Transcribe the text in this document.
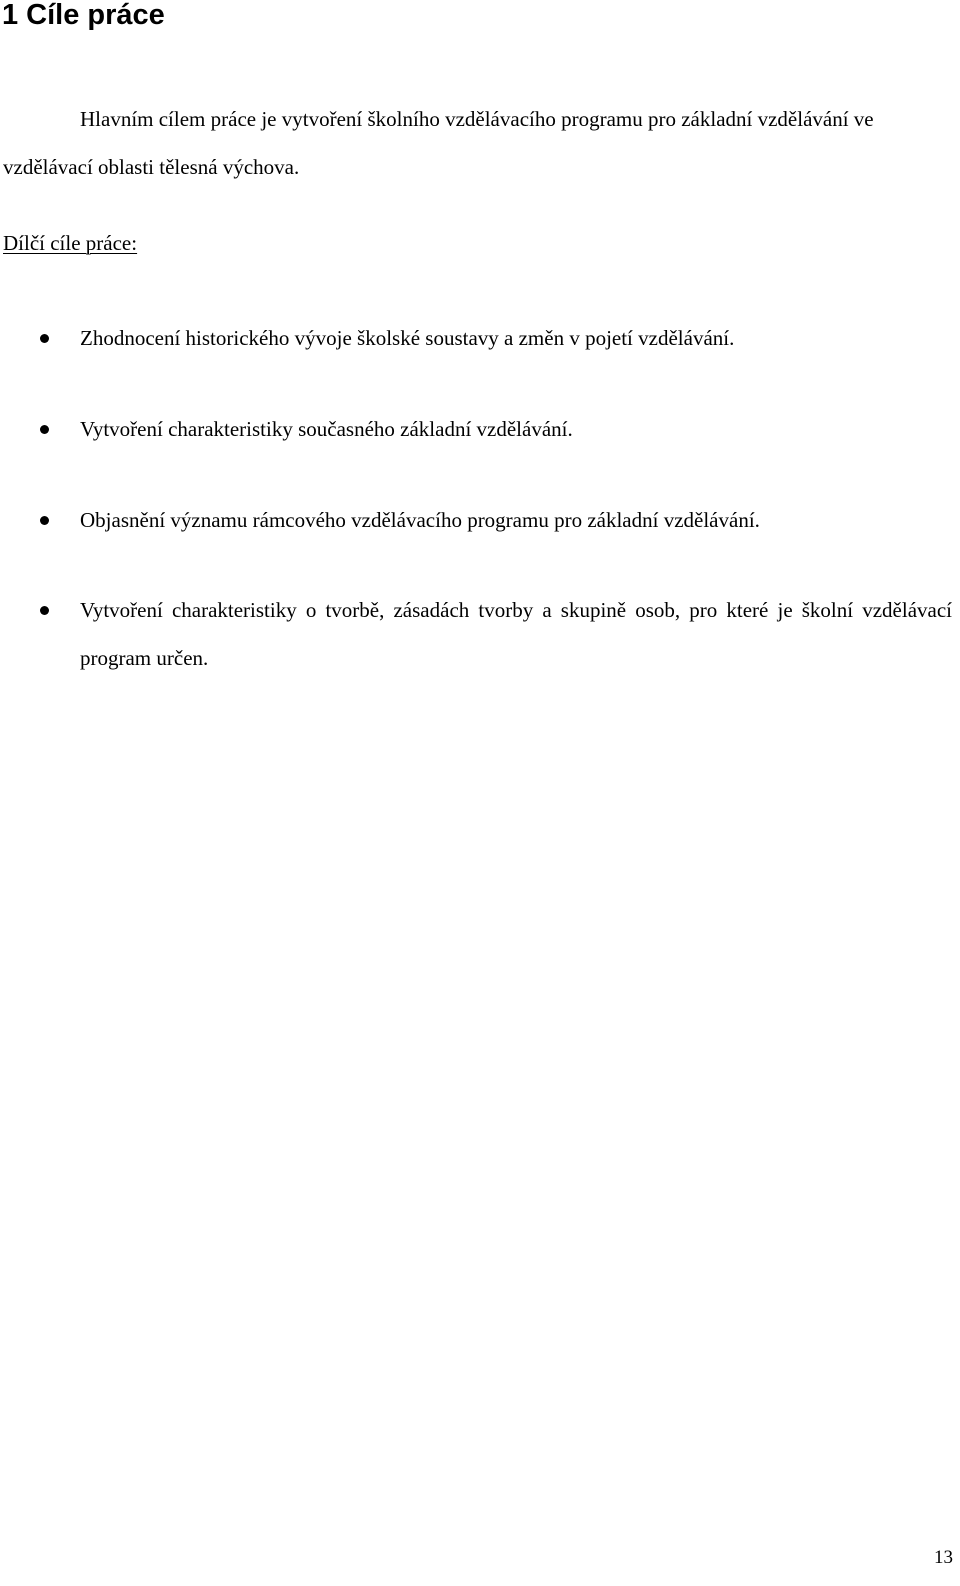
1 Cíle práce

Hlavním cílem práce je vytvoření školního vzdělávacího programu pro základní vzdělávání ve vzdělávací oblasti tělesná výchova.

Dílčí cíle práce:

Zhodnocení historického vývoje školské soustavy a změn v pojetí vzdělávání.
Vytvoření charakteristiky současného základní vzdělávání.
Objasnění významu rámcového vzdělávacího programu pro základní vzdělávání.
Vytvoření charakteristiky o tvorbě, zásadách tvorby a skupině osob, pro které je školní vzdělávací program určen.
13
